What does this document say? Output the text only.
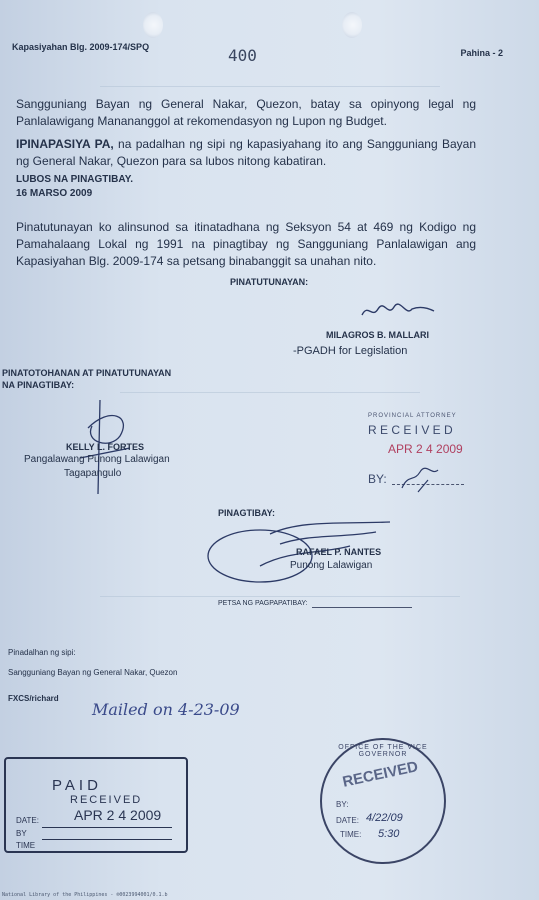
Kapasiyahan Blg. 2009-174/SPQ	400	Pahina - 2
Sangguniang Bayan ng General Nakar, Quezon, batay sa opinyong legal ng Panlalawigang Manananggol at rekomendasyon ng Lupon ng Budget.
IPINAPASIYA PA, na padalhan ng sipi ng kapasiyahang ito ang Sangguniang Bayan ng General Nakar, Quezon para sa lubos nitong kabatiran.
LUBOS NA PINAGTIBAY.
16 MARSO 2009
Pinatutunayan ko alinsunod sa itinatadhana ng Seksyon 54 at 469 ng Kodigo ng Pamahalaang Lokal ng 1991 na pinagtibay ng Sangguniang Panlalawigan ang Kapasiyahan Blg. 2009-174 sa petsang binabanggit sa unahan nito.
PINATUTUNAYAN:
MILAGROS B. MALLARI
-PGADH for Legislation
PINATOTOHANAN AT PINATUTUNAYAN
NA PINAGTIBAY:
KELLY L. FORTES
Pangalawang Punong Lalawigan
Tagapangulo
PROVINCIAL ATTORNEY
R E C E I V E D
APR 2 4 2009
BY:
PINAGTIBAY:
RAFAEL P. NANTES
Punong Lalawigan
PETSA NG PAGPAPATIBAY:
Pinadalhan ng sipi:
Sangguniang Bayan ng General Nakar, Quezon
FXCS/richard
Mailed on 4-23-09
PAID
RECEIVED
DATE:	APR 2 4 2009
BY
TIME
OFFICE OF THE VICE GOVERNOR
RECEIVED
BY:
DATE: 4/22/09
TIME: 5:30
National Library of the Philippines - ®0023994001/0.1.b
